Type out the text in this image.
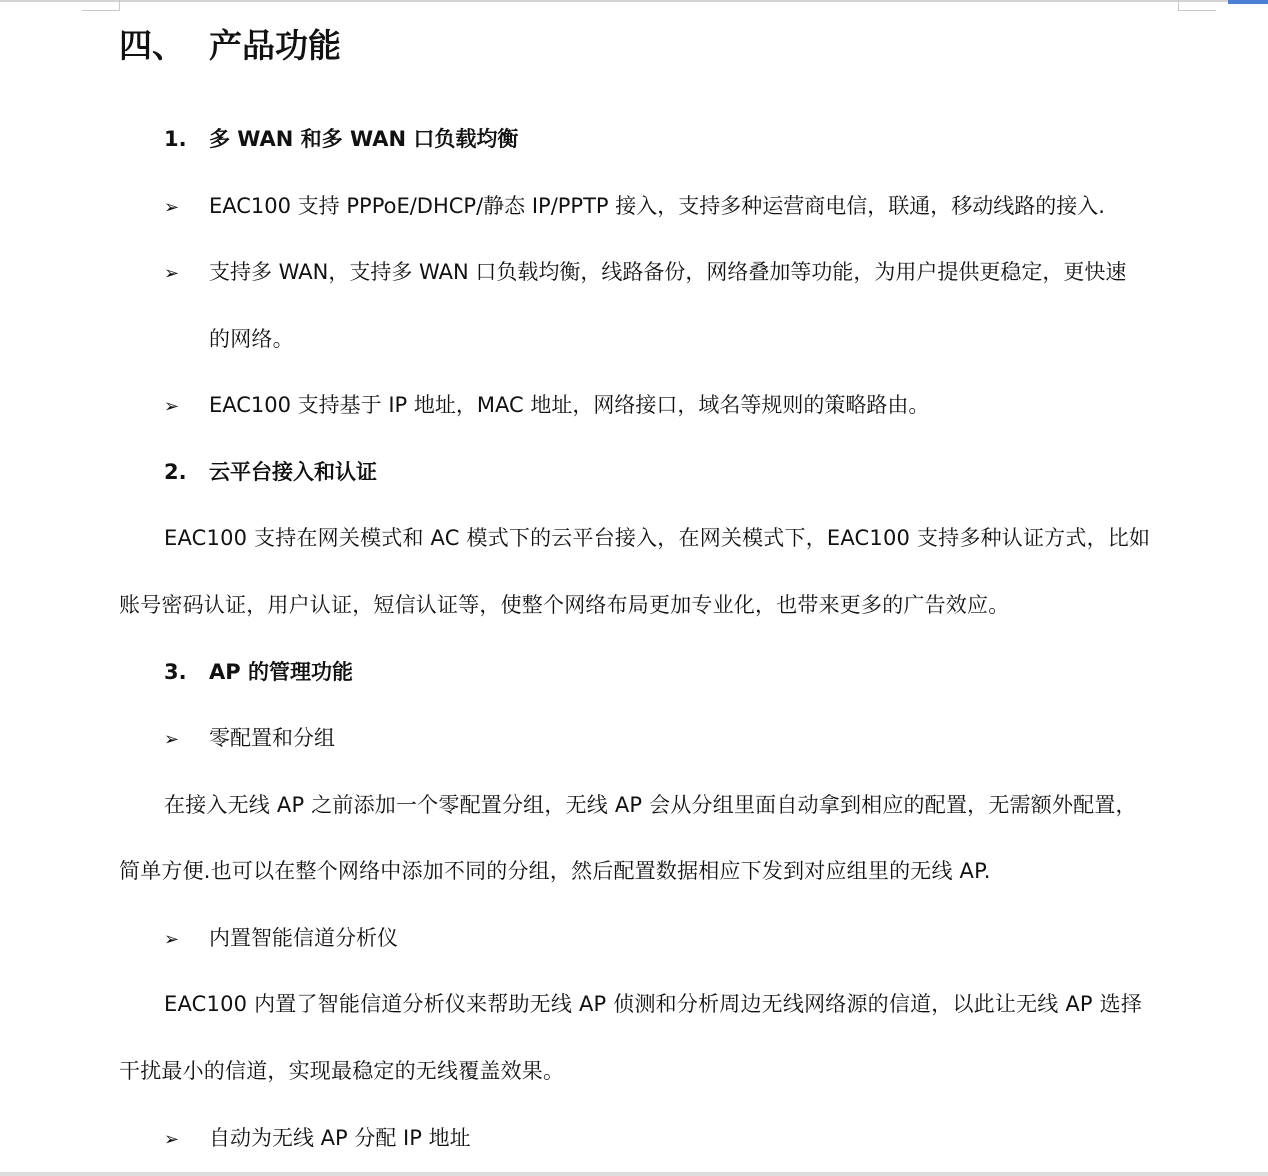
四、 产品功能
1. 多 WAN 和多 WAN 口负载均衡
➢ EAC100 支持 PPPoE/DHCP/静态 IP/PPTP 接入，支持多种运营商电信，联通，移动线路的接入.
➢ 支持多 WAN，支持多 WAN 口负载均衡，线路备份，网络叠加等功能，为用户提供更稳定，更快速
的网络。
➢ EAC100 支持基于 IP 地址，MAC 地址，网络接口，域名等规则的策略路由。
2. 云平台接入和认证
EAC100 支持在网关模式和 AC 模式下的云平台接入，在网关模式下，EAC100 支持多种认证方式，比如
账号密码认证，用户认证，短信认证等，使整个网络布局更加专业化，也带来更多的广告效应。
3. AP 的管理功能
➢ 零配置和分组
在接入无线 AP 之前添加一个零配置分组，无线 AP 会从分组里面自动拿到相应的配置，无需额外配置，
简单方便.也可以在整个网络中添加不同的分组，然后配置数据相应下发到对应组里的无线 AP.
➢ 内置智能信道分析仪
EAC100 内置了智能信道分析仪来帮助无线 AP 侦测和分析周边无线网络源的信道，以此让无线 AP 选择
干扰最小的信道，实现最稳定的无线覆盖效果。
➢ 自动为无线 AP 分配 IP 地址
